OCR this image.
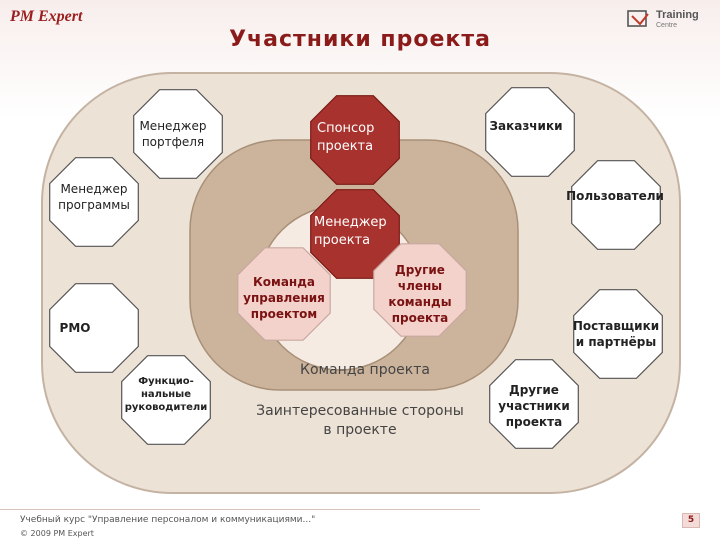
PM Expert	Training
Centre
Участники проекта
Спонсор
проекта
Менеджер
проекта
Команда
управления
проектом
Другие
члены
команды
проекта
Команда проекта
Заинтересованные стороны
в проекте
Менеджер
портфеля
Менеджер
программы
PMO
Функцио-
нальные
руководители
Заказчики
Пользователи
Поставщики
и партнёры
Другие
участники
проекта
Учебный курс "Управление персоналом и коммуникациями..."
© 2009 PM Expert
5
